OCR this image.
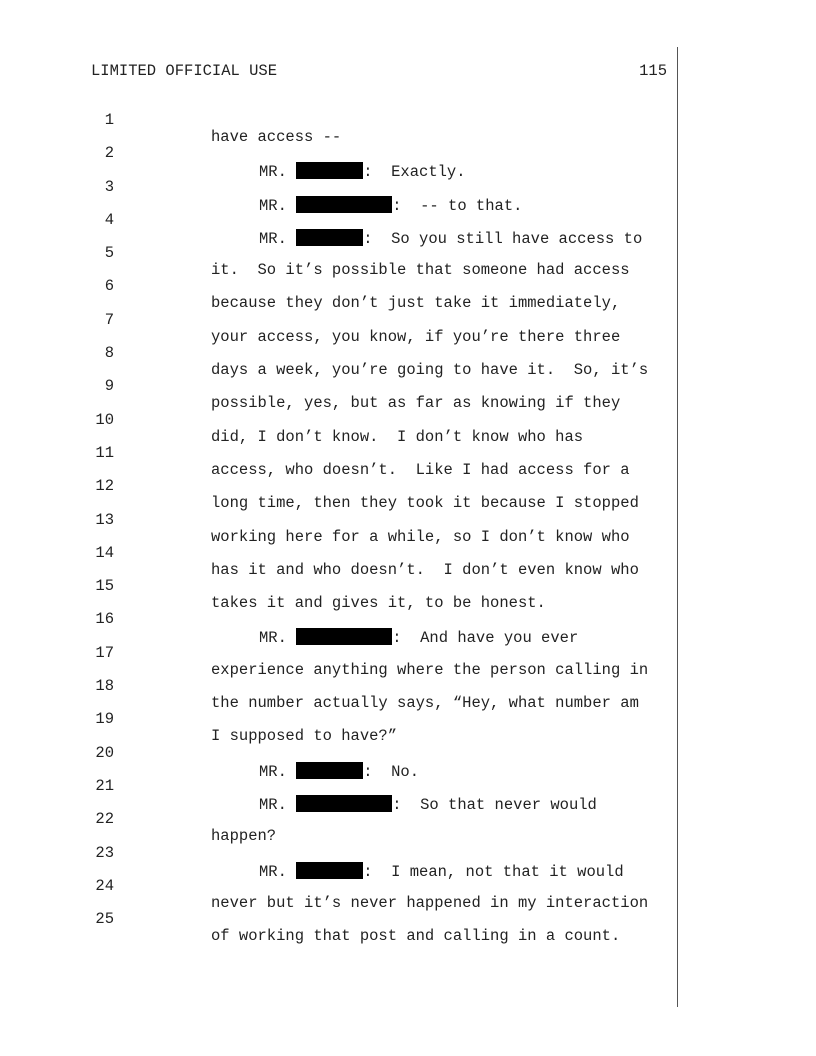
LIMITED OFFICIAL USE	115

1

have access --

2

MR.	:  Exactly.

3

MR.	:  -- to that.

4

MR.	:  So you still have access to

5

it.  So it’s possible that someone had access

6

because they don’t just take it immediately,

7

your access, you know, if you’re there three

8

days a week, you’re going to have it.  So, it’s

9

possible, yes, but as far as knowing if they

10

did, I don’t know.  I don’t know who has

11

access, who doesn’t.  Like I had access for a

12

long time, then they took it because I stopped

13

working here for a while, so I don’t know who

14

has it and who doesn’t.  I don’t even know who

15

takes it and gives it, to be honest.

16

MR.	:  And have you ever

17

experience anything where the person calling in

18

the number actually says, “Hey, what number am

19

I supposed to have?”

20

MR.	:  No.

21

MR.	:  So that never would

22

happen?

23

MR.	:  I mean, not that it would

24

never but it’s never happened in my interaction

25

of working that post and calling in a count.
